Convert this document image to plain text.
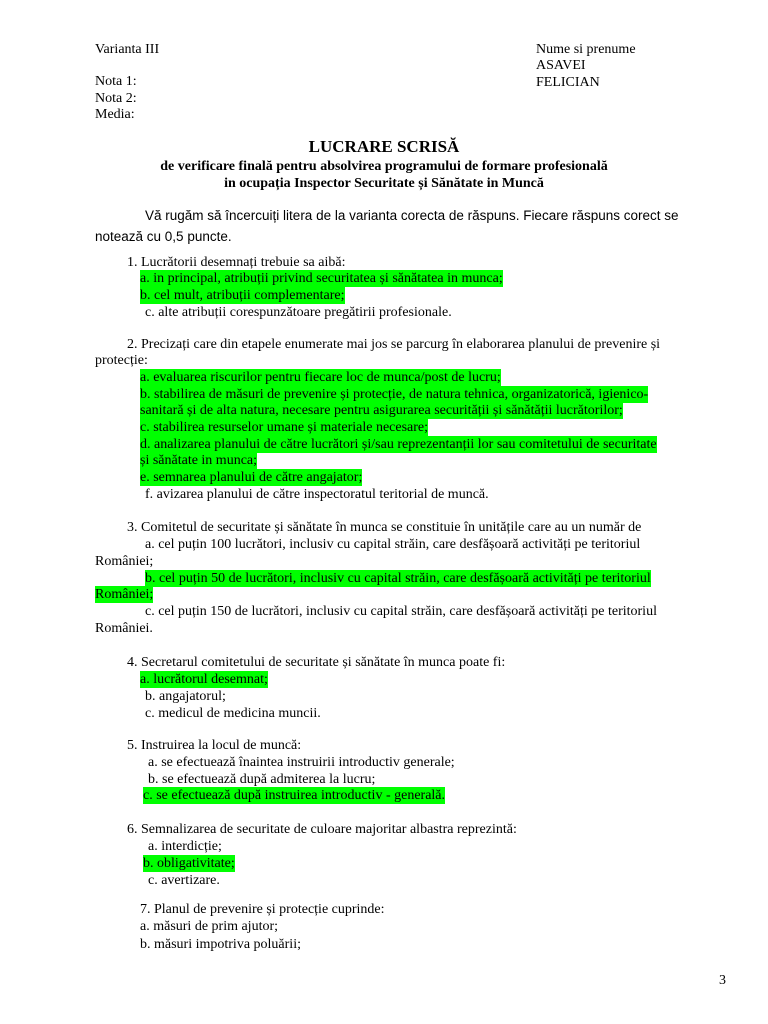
Varianta III
Nota 1:
Nota 2:
Media:
Nume si prenume
ASAVEI
FELICIAN
LUCRARE SCRISĂ
de verificare finală pentru absolvirea programului de formare profesională
in ocupația Inspector Securitate și Sănătate in Muncă
Vă rugăm să încercuiți litera de la varianta corecta de răspuns. Fiecare răspuns corect se
notează cu 0,5 puncte.
1. Lucrătorii desemnați trebuie sa aibă:
a. in principal, atribuții privind securitatea și sănătatea in munca;
b. cel mult, atribuții complementare;
c. alte atribuții corespunzătoare pregătirii profesionale.
2. Precizați care din etapele enumerate mai jos se parcurg în elaborarea planului de prevenire și
protecție:
a. evaluarea riscurilor pentru fiecare loc de munca/post de lucru;
b. stabilirea de măsuri de prevenire și protecție, de natura tehnica, organizatorică, igienico-
sanitară și de alta natura, necesare pentru asigurarea securității și sănătății lucrătorilor;
c. stabilirea resurselor umane și materiale necesare;
d. analizarea planului de către lucrători și/sau reprezentanții lor sau comitetului de securitate
și sănătate in munca;
e. semnarea planului de către angajator;
f. avizarea planului de către inspectoratul teritorial de muncă.
3. Comitetul de securitate și sănătate în munca se constituie în unitățile care au un număr de
a. cel puțin 100 lucrători, inclusiv cu capital străin, care desfășoară activități pe teritoriul
României;
b. cel puțin 50 de lucrători, inclusiv cu capital străin, care desfășoară activități pe teritoriul
României;
c. cel puțin 150 de lucrători, inclusiv cu capital străin, care desfășoară activități pe teritoriul
României.
4. Secretarul comitetului de securitate și sănătate în munca poate fi:
a. lucrătorul desemnat;
b. angajatorul;
c. medicul de medicina muncii.
5. Instruirea la locul de muncă:
a. se efectuează înaintea instruirii introductiv generale;
b. se efectuează după admiterea la lucru;
c. se efectuează după instruirea introductiv - generală.
6. Semnalizarea de securitate de culoare majoritar albastra reprezintă:
a. interdicție;
b. obligativitate;
c. avertizare.
7. Planul de prevenire și protecție cuprinde:
a. măsuri de prim ajutor;
b. măsuri impotriva poluării;
3
